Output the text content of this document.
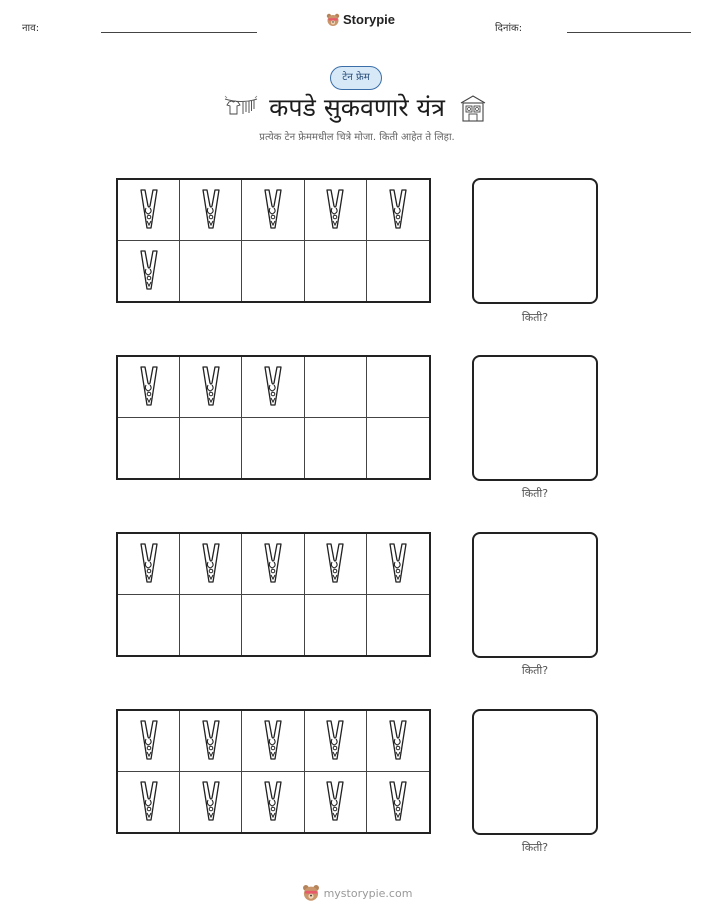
नाव:
Storypie
दिनांक:
टेन फ्रेम
कपडे सुकवणारे यंत्र
प्रत्येक टेन फ्रेममधील चित्रे मोजा. किती आहेत ते लिहा.
किती?
किती?
किती?
किती?
mystorypie.com
